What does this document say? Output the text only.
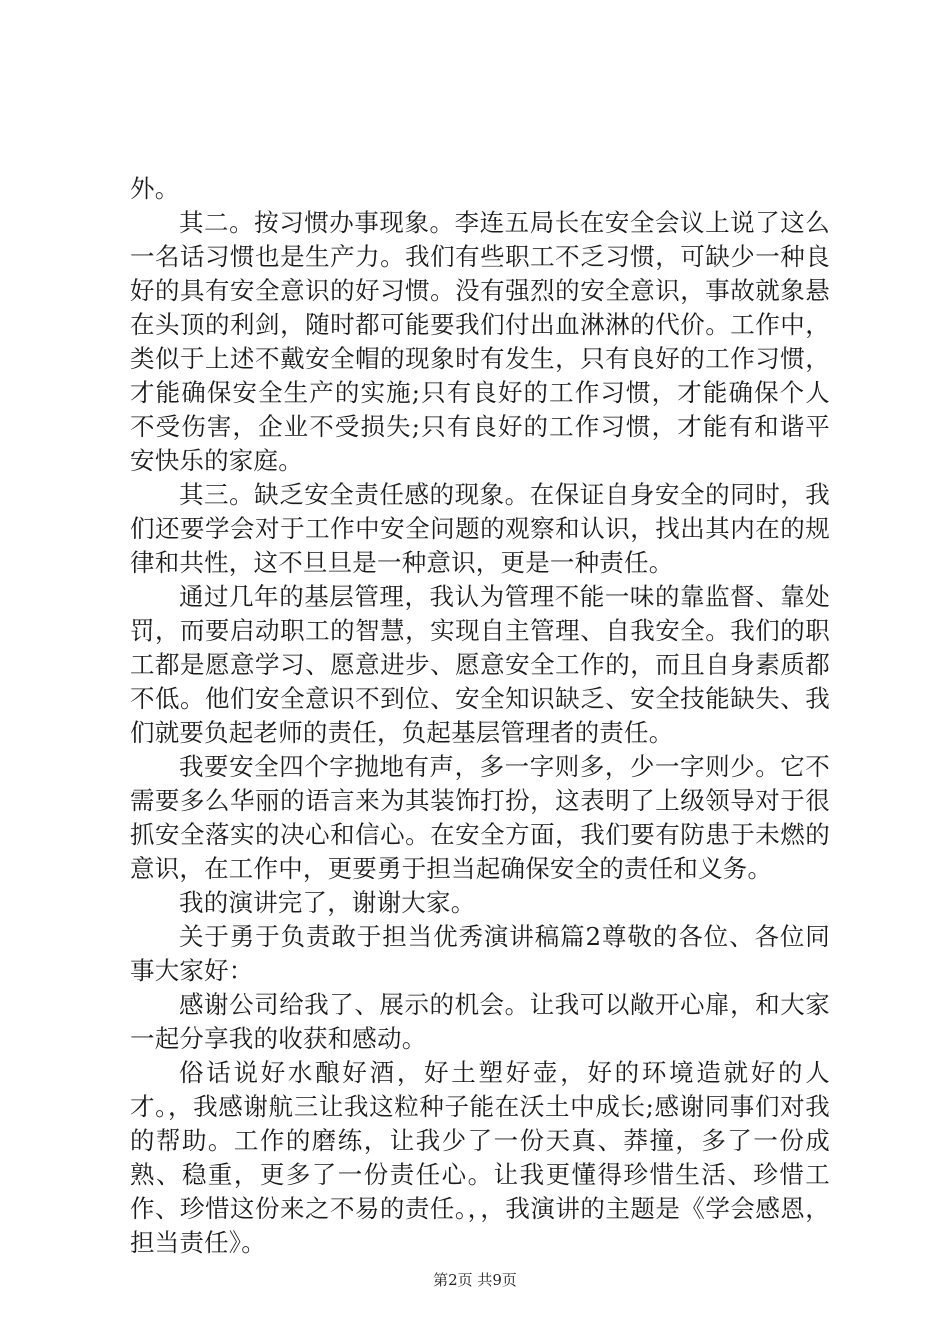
外。

其二。按习惯办事现象。李连五局长在安全会议上说了这么一名话习惯也是生产力。我们有些职工不乏习惯，可缺少一种良好的具有安全意识的好习惯。没有强烈的安全意识，事故就象悬在头顶的利剑，随时都可能要我们付出血淋淋的代价。工作中，类似于上述不戴安全帽的现象时有发生，只有良好的工作习惯，才能确保安全生产的实施;只有良好的工作习惯，才能确保个人不受伤害，企业不受损失;只有良好的工作习惯，才能有和谐平安快乐的家庭。

其三。缺乏安全责任感的现象。在保证自身安全的同时，我们还要学会对于工作中安全问题的观察和认识，找出其内在的规律和共性，这不旦旦是一种意识，更是一种责任。

通过几年的基层管理，我认为管理不能一味的靠监督、靠处罚，而要启动职工的智慧，实现自主管理、自我安全。我们的职工都是愿意学习、愿意进步、愿意安全工作的，而且自身素质都不低。他们安全意识不到位、安全知识缺乏、安全技能缺失、我们就要负起老师的责任，负起基层管理者的责任。

我要安全四个字抛地有声，多一字则多，少一字则少。它不需要多么华丽的语言来为其装饰打扮，这表明了上级领导对于很抓安全落实的决心和信心。在安全方面，我们要有防患于未燃的意识，在工作中，更要勇于担当起确保安全的责任和义务。

我的演讲完了，谢谢大家。

关于勇于负责敢于担当优秀演讲稿篇2尊敬的各位、各位同事大家好：

感谢公司给我了、展示的机会。让我可以敞开心扉，和大家一起分享我的收获和感动。

俗话说好水酿好酒，好土塑好壶，好的环境造就好的人才。，我感谢航三让我这粒种子能在沃土中成长;感谢同事们对我的帮助。工作的磨练，让我少了一份天真、莽撞，多了一份成熟、稳重，更多了一份责任心。让我更懂得珍惜生活、珍惜工作、珍惜这份来之不易的责任。，，我演讲的主题是《学会感恩，担当责任》。

第2页 共9页
